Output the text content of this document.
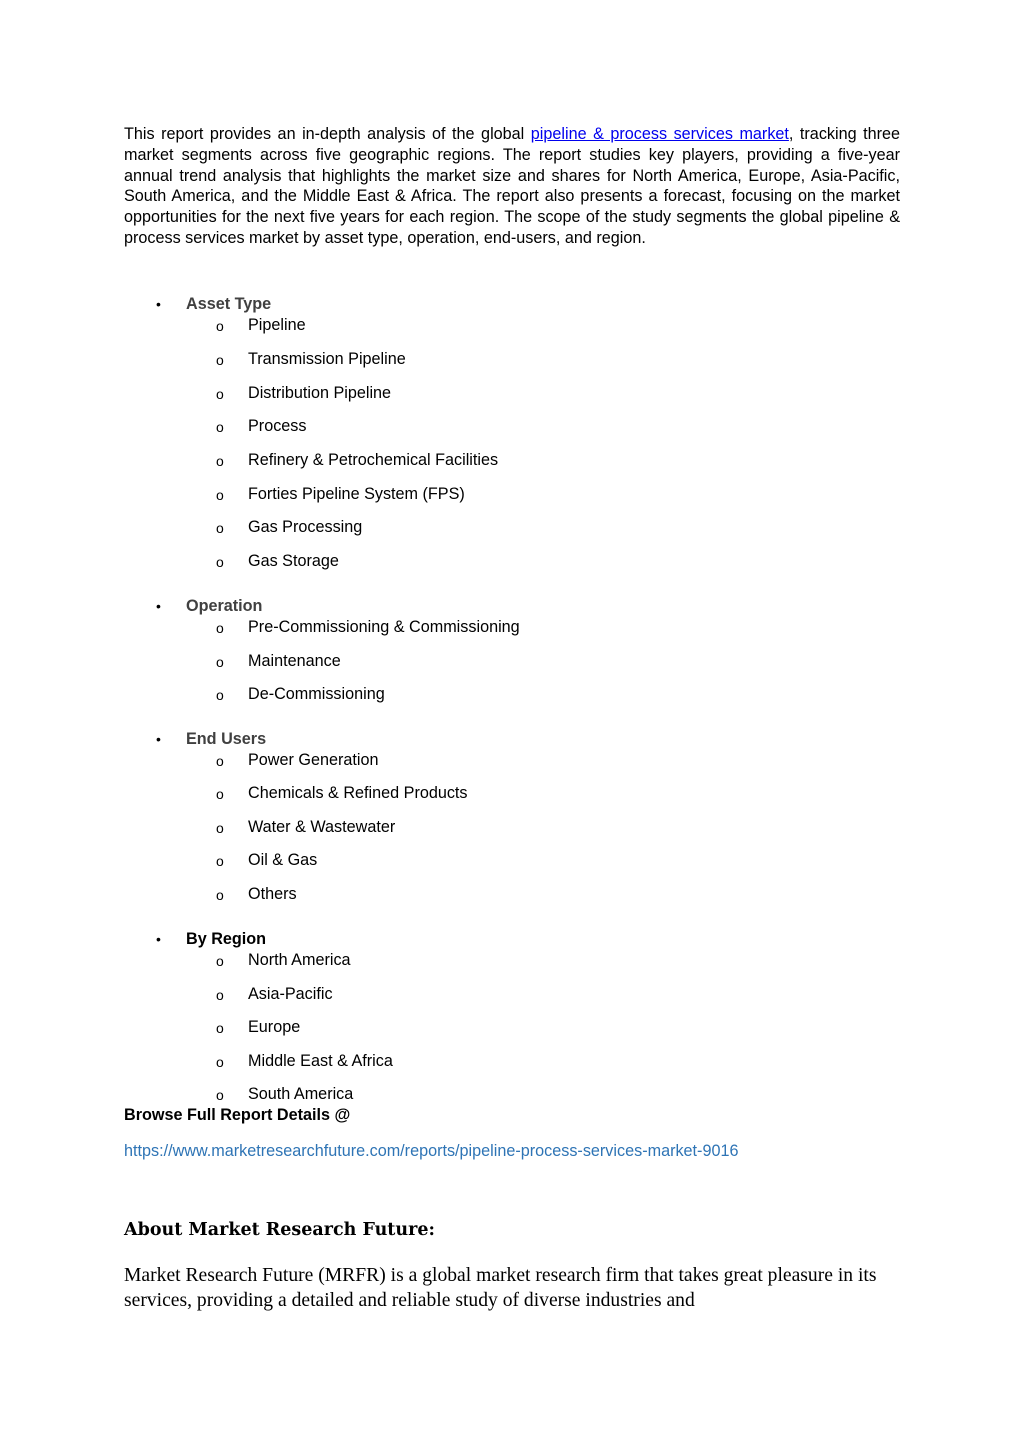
This report provides an in-depth analysis of the global pipeline & process services market, tracking three market segments across five geographic regions. The report studies key players, providing a five-year annual trend analysis that highlights the market size and shares for North America, Europe, Asia-Pacific, South America, and the Middle East & Africa. The report also presents a forecast, focusing on the market opportunities for the next five years for each region. The scope of the study segments the global pipeline & process services market by asset type, operation, end-users, and region.

•	Asset Type
o Pipeline
o Transmission Pipeline
o Distribution Pipeline
o Process
o Refinery & Petrochemical Facilities
o Forties Pipeline System (FPS)
o Gas Processing
o Gas Storage
•	Operation
o Pre-Commissioning & Commissioning
o Maintenance
o De-Commissioning
•	End Users
o Power Generation
o Chemicals & Refined Products
o Water & Wastewater
o Oil & Gas
o Others
•	By Region
o North America
o Asia-Pacific
o Europe
o Middle East & Africa
o South America

Browse Full Report Details @

https://www.marketresearchfuture.com/reports/pipeline-process-services-market-9016

About Market Research Future:

Market Research Future (MRFR) is a global market research firm that takes great pleasure in its services, providing a detailed and reliable study of diverse industries and
